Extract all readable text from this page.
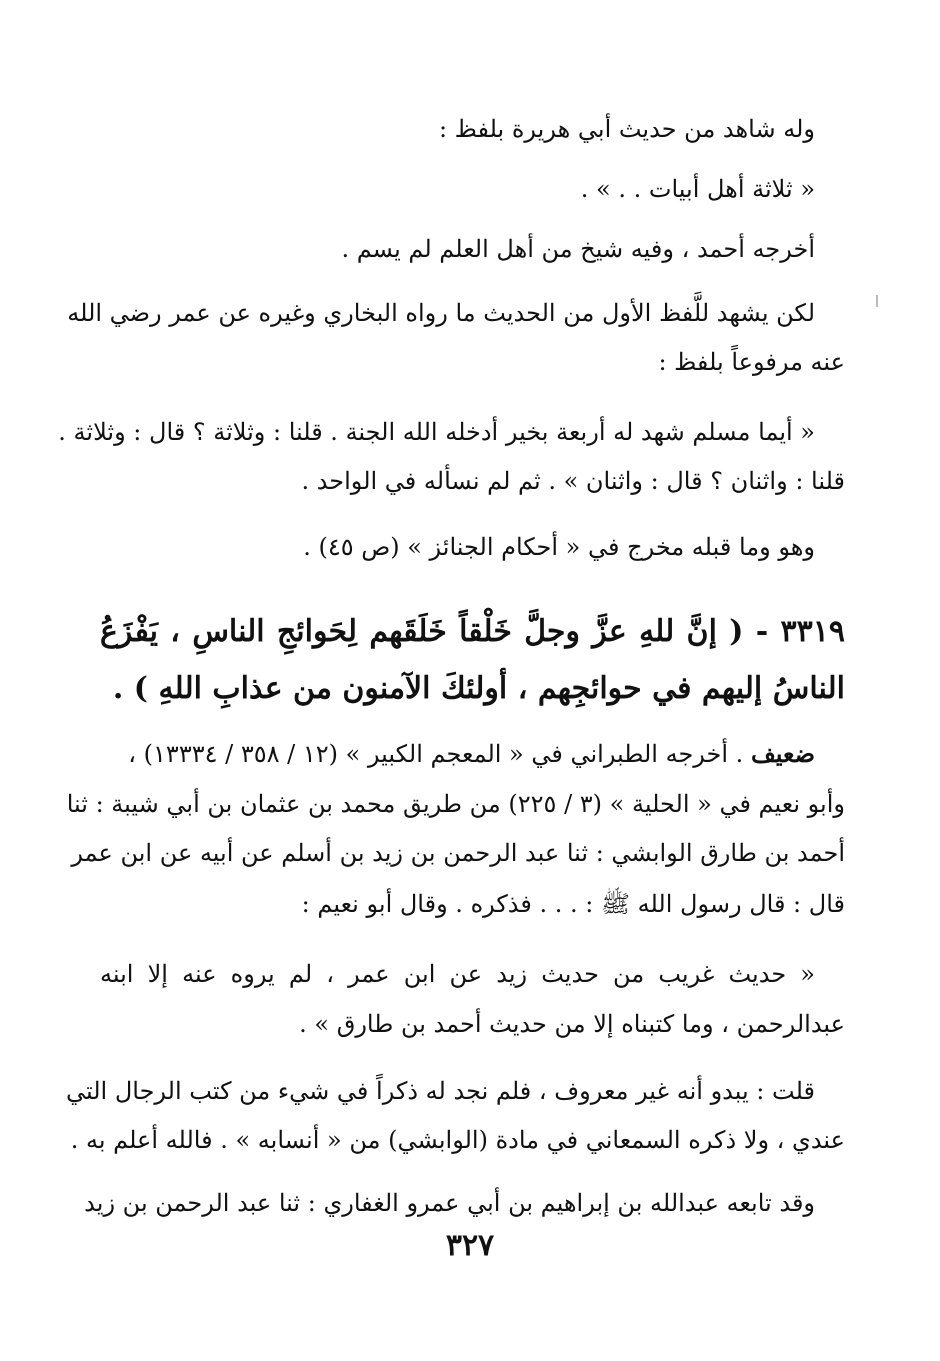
وله شاهد من حديث أبي هريرة بلفظ :
« ثلاثة أهل أبيات . . » .
أخرجه أحمد ، وفيه شيخ من أهل العلم لم يسم .
لكن يشهد للَّفظ الأول من الحديث ما رواه البخاري وغيره عن عمر رضي الله
عنه مرفوعاً بلفظ :
« أيما مسلم شهد له أربعة بخير أدخله الله الجنة . قلنا : وثلاثة ؟ قال : وثلاثة .
قلنا : واثنان ؟ قال : واثنان » . ثم لم نسأله في الواحد .
وهو وما قبله مخرج في « أحكام الجنائز » (ص ٤٥) .
٣٣١٩ - ( إنَّ للهِ عزَّ وجلَّ خَلْقاً خَلَقَهم لِحَوائجِ الناسِ ، يَفْزَعُ
الناسُ إليهم في حوائجِهم ، أولئكَ الآمنون من عذابِ اللهِ ) .
ضعيف . أخرجه الطبراني في « المعجم الكبير » (١٢ / ٣٥٨ / ١٣٣٣٤) ،
وأبو نعيم في « الحلية » (٣ / ٢٢٥) من طريق محمد بن عثمان بن أبي شيبة : ثنا
أحمد بن طارق الوابشي : ثنا عبد الرحمن بن زيد بن أسلم عن أبيه عن ابن عمر
قال : قال رسول الله ﷺ : . . . فذكره . وقال أبو نعيم :
« حديث غريب من حديث زيد عن ابن عمر ، لم يروه عنه إلا ابنه
عبدالرحمن ، وما كتبناه إلا من حديث أحمد بن طارق » .
قلت : يبدو أنه غير معروف ، فلم نجد له ذكراً في شيء من كتب الرجال التي
عندي ، ولا ذكره السمعاني في مادة (الوابشي) من « أنسابه » . فالله أعلم به .
وقد تابعه عبدالله بن إبراهيم بن أبي عمرو الغفاري : ثنا عبد الرحمن بن زيد
٣٢٧
